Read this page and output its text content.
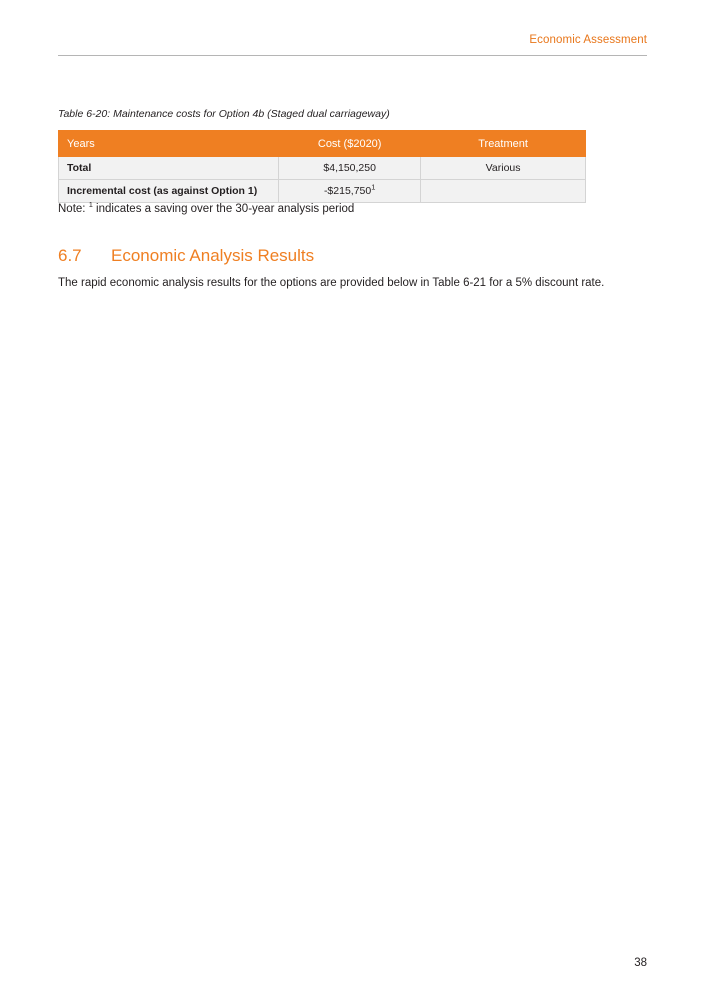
Economic Assessment
Table 6-20: Maintenance costs for Option 4b (Staged dual carriageway)
Years	Cost ($2020)	Treatment
Total	$4,150,250	Various
Incremental cost (as against Option 1)	-$215,750$^1$	
Note: $^1$ indicates a saving over the 30-year analysis period
6.7 Economic Analysis Results
The rapid economic analysis results for the options are provided below in Table 6-21 for a 5% discount rate.
38
